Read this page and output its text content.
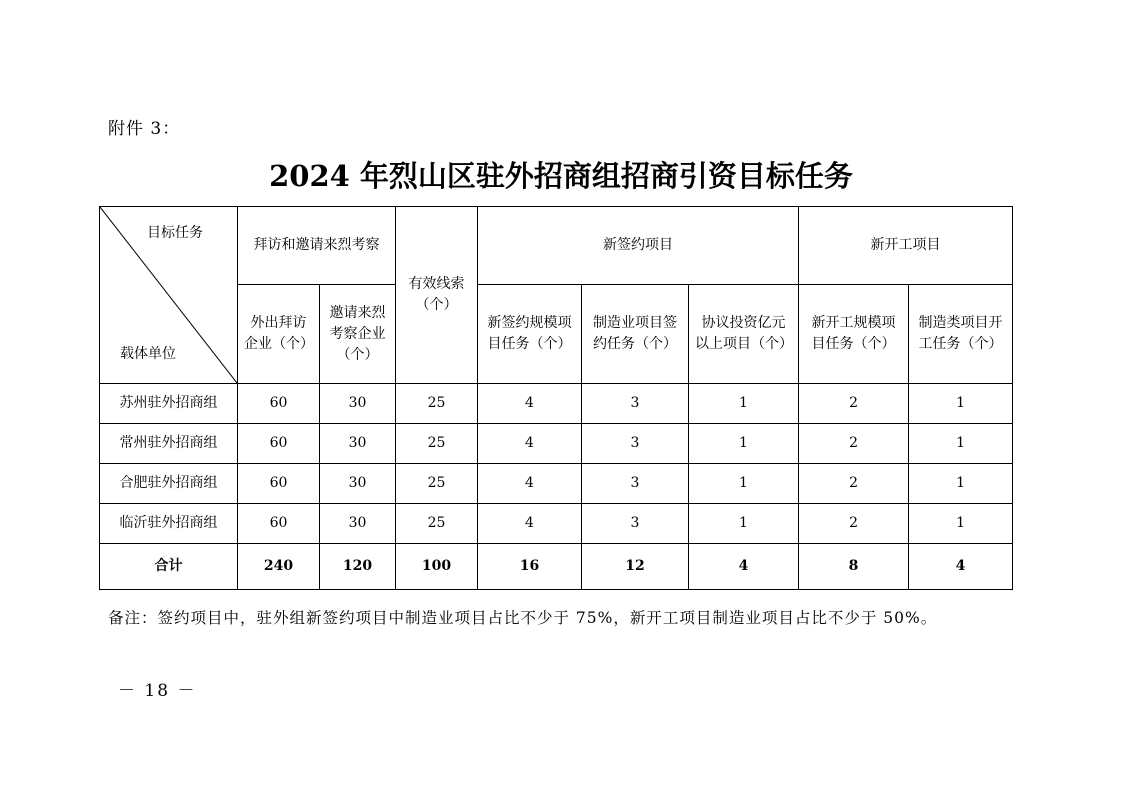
附件 3：
2024 年烈山区驻外招商组招商引资目标任务
目标任务
载体单位	拜访和邀请来烈考察		有效线索（个）	新签约项目			新开工项目	
	外出拜访企业（个）	邀请来烈考察企业（个）		新签约规模项目任务（个）	制造业项目签约任务（个）	协议投资亿元以上项目（个）	新开工规模项目任务（个）	制造类项目开工任务（个）
苏州驻外招商组	60	30	25	4	3	1	2	1
常州驻外招商组	60	30	25	4	3	1	2	1
合肥驻外招商组	60	30	25	4	3	1	2	1
临沂驻外招商组	60	30	25	4	3	1	2	1
合计	240	120	100	16	12	4	8	4
备注：签约项目中，驻外组新签约项目中制造业项目占比不少于 75%，新开工项目制造业项目占比不少于 50%。
－ 18 －
